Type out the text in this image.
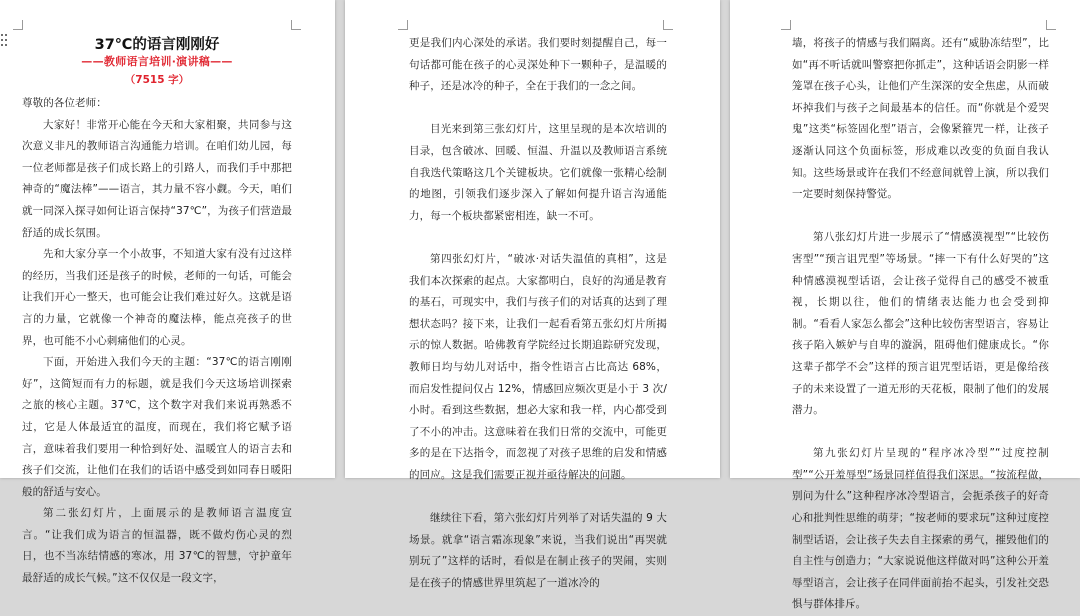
37℃的语言刚刚好
——教师语言培训·演讲稿——
（7515 字）

尊敬的各位老师：

大家好！非常开心能在今天和大家相聚，共同参与这次意义非凡的教师语言沟通能力培训。在咱们幼儿园，每一位老师都是孩子们成长路上的引路人，而我们手中那把神奇的“魔法棒”——语言，其力量不容小觑。今天，咱们就一同深入探寻如何让语言保持“37℃”，为孩子们营造最舒适的成长氛围。

先和大家分享一个小故事，不知道大家有没有过这样的经历，当我们还是孩子的时候，老师的一句话，可能会让我们开心一整天，也可能会让我们难过好久。这就是语言的力量，它就像一个神奇的魔法棒，能点亮孩子的世界，也可能不小心刺痛他们的心灵。

下面，开始进入我们今天的主题：“37℃的语言刚刚好”，这简短而有力的标题，就是我们今天这场培训探索之旅的核心主题。37℃，这个数字对我们来说再熟悉不过，它是人体最适宜的温度，而现在，我们将它赋予语言，意味着我们要用一种恰到好处、温暖宜人的语言去和孩子们交流，让他们在我们的话语中感受到如同春日暖阳般的舒适与安心。

第二张幻灯片，上面展示的是教师语言温度宣言。“让我们成为语言的恒温器，既不做灼伤心灵的烈日，也不当冻结情感的寒冰，用 37℃的智慧，守护童年最舒适的成长气候。”这不仅仅是一段文字，

更是我们内心深处的承诺。我们要时刻提醒自己，每一句话都可能在孩子的心灵深处种下一颗种子，是温暖的种子，还是冰冷的种子，全在于我们的一念之间。

目光来到第三张幻灯片，这里呈现的是本次培训的目录，包含破冰、回暖、恒温、升温以及教师语言系统自我迭代策略这几个关键板块。它们就像一张精心绘制的地图，引领我们逐步深入了解如何提升语言沟通能力，每一个板块都紧密相连，缺一不可。

第四张幻灯片，“破冰·对话失温值的真相”，这是我们本次探索的起点。大家都明白，良好的沟通是教育的基石，可现实中，我们与孩子们的对话真的达到了理想状态吗？接下来，让我们一起看看第五张幻灯片所揭示的惊人数据。哈佛教育学院经过长期追踪研究发现，教师日均与幼儿对话中，指令性语言占比高达 68%，而启发性提问仅占 12%，情感回应频次更是小于 3 次/小时。看到这些数据，想必大家和我一样，内心都受到了不小的冲击。这意味着在我们日常的交流中，可能更多的是在下达指令，而忽视了对孩子思维的启发和情感的回应。这是我们需要正视并亟待解决的问题。

继续往下看，第六张幻灯片列举了对话失温的 9 大场景。就拿“语言霜冻现象”来说，当我们说出“再哭就别玩了”这样的话时，看似是在制止孩子的哭闹，实则是在孩子的情感世界里筑起了一道冰冷的

墙，将孩子的情感与我们隔离。还有“威胁冻结型”，比如“再不听话就叫警察把你抓走”，这种话语会阴影一样笼罩在孩子心头，让他们产生深深的安全焦虑，从而破坏掉我们与孩子之间最基本的信任。而“你就是个爱哭鬼”这类“标签固化型”语言，会像紧箍咒一样，让孩子逐渐认同这个负面标签，形成难以改变的负面自我认知。这些场景或许在我们不经意间就曾上演，所以我们一定要时刻保持警觉。

第八张幻灯片进一步展示了“情感漠视型”“比较伤害型”“预言诅咒型”等场景。“摔一下有什么好哭的”这种情感漠视型话语，会让孩子觉得自己的感受不被重视，长期以往，他们的情绪表达能力也会受到抑制。“看看人家怎么都会”这种比较伤害型语言，容易让孩子陷入嫉妒与自卑的漩涡，阻碍他们健康成长。“你这辈子都学不会”这样的预言诅咒型话语，更是像给孩子的未来设置了一道无形的天花板，限制了他们的发展潜力。

第九张幻灯片呈现的“程序冰冷型”“过度控制型”“公开羞辱型”场景同样值得我们深思。“按流程做，别问为什么”这种程序冰冷型语言，会扼杀孩子的好奇心和批判性思维的萌芽；“按老师的要求玩”这种过度控制型话语，会让孩子失去自主探索的勇气，摧毁他们的自主性与创造力；“大家说说他这样做对吗”这种公开羞辱型语言，会让孩子在同伴面前抬不起头，引发社交恐惧与群体排斥。
